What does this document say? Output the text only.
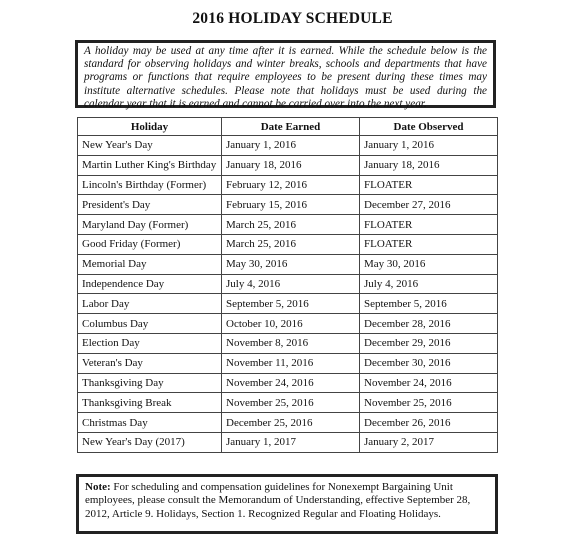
2016 HOLIDAY SCHEDULE
A holiday may be used at any time after it is earned. While the schedule below is the standard for observing holidays and winter breaks, schools and departments that have programs or functions that require employees to be present during these times may institute alternative schedules. Please note that holidays must be used during the calendar year that it is earned and cannot be carried over into the next year.
Holiday	Date Earned	Date Observed
New Year's Day	January 1, 2016	January 1, 2016
Martin Luther King's Birthday	January 18, 2016	January 18, 2016
Lincoln's Birthday (Former)	February 12, 2016	FLOATER
President's Day	February 15, 2016	December 27, 2016
Maryland Day (Former)	March 25, 2016	FLOATER
Good Friday (Former)	March 25, 2016	FLOATER
Memorial Day	May 30, 2016	May 30, 2016
Independence Day	July 4, 2016	July 4, 2016
Labor Day	September 5, 2016	September 5, 2016
Columbus Day	October 10, 2016	December 28, 2016
Election Day	November 8, 2016	December 29, 2016
Veteran's Day	November 11, 2016	December 30, 2016
Thanksgiving Day	November 24, 2016	November 24, 2016
Thanksgiving Break	November 25, 2016	November 25, 2016
Christmas Day	December 25, 2016	December 26, 2016
New Year's Day (2017)	January 1, 2017	January 2, 2017
Note: For scheduling and compensation guidelines for Nonexempt Bargaining Unit employees, please consult the Memorandum of Understanding, effective September 28, 2012, Article 9. Holidays, Section 1. Recognized Regular and Floating Holidays.
